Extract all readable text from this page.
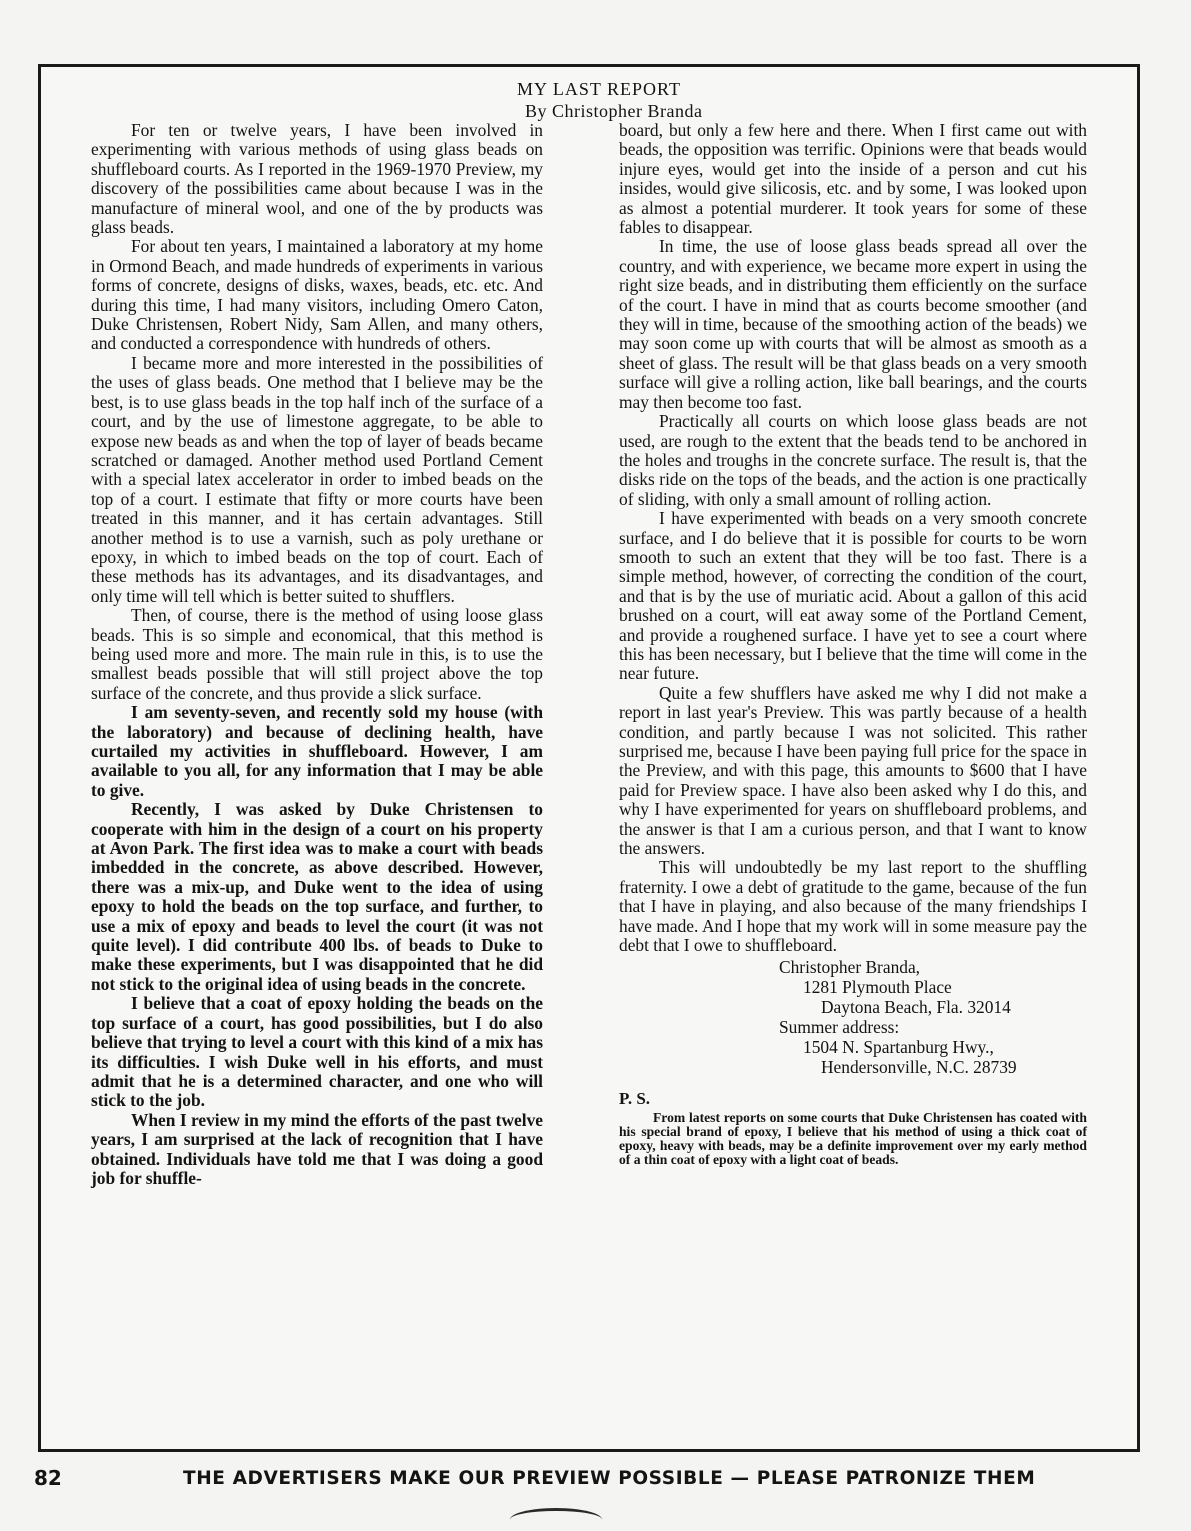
MY LAST REPORT
By Christopher Branda

For ten or twelve years, I have been involved in experimenting with various methods of using glass beads on shuffleboard courts. As I reported in the 1969-1970 Preview, my discovery of the possibilities came about because I was in the manufacture of mineral wool, and one of the by products was glass beads.

For about ten years, I maintained a laboratory at my home in Ormond Beach, and made hundreds of experiments in various forms of concrete, designs of disks, waxes, beads, etc. etc. And during this time, I had many visitors, including Omero Caton, Duke Christensen, Robert Nidy, Sam Allen, and many others, and conducted a correspondence with hundreds of others.

I became more and more interested in the possibilities of the uses of glass beads. One method that I believe may be the best, is to use glass beads in the top half inch of the surface of a court, and by the use of limestone aggregate, to be able to expose new beads as and when the top of layer of beads became scratched or damaged. Another method used Portland Cement with a special latex accelerator in order to imbed beads on the top of a court. I estimate that fifty or more courts have been treated in this manner, and it has certain advantages. Still another method is to use a varnish, such as poly urethane or epoxy, in which to imbed beads on the top of court. Each of these methods has its advantages, and its disadvantages, and only time will tell which is better suited to shufflers.

Then, of course, there is the method of using loose glass beads. This is so simple and economical, that this method is being used more and more. The main rule in this, is to use the smallest beads possible that will still project above the top surface of the concrete, and thus provide a slick surface.

I am seventy-seven, and recently sold my house (with the laboratory) and because of declining health, have curtailed my activities in shuffleboard. However, I am available to you all, for any information that I may be able to give.

Recently, I was asked by Duke Christensen to cooperate with him in the design of a court on his property at Avon Park. The first idea was to make a court with beads imbedded in the concrete, as above described. However, there was a mix-up, and Duke went to the idea of using epoxy to hold the beads on the top surface, and further, to use a mix of epoxy and beads to level the court (it was not quite level). I did contribute 400 lbs. of beads to Duke to make these experiments, but I was disappointed that he did not stick to the original idea of using beads in the concrete.

I believe that a coat of epoxy holding the beads on the top surface of a court, has good possibilities, but I do also believe that trying to level a court with this kind of a mix has its difficulties. I wish Duke well in his efforts, and must admit that he is a determined character, and one who will stick to the job.

When I review in my mind the efforts of the past twelve years, I am surprised at the lack of recognition that I have obtained. Individuals have told me that I was doing a good job for shuffle-

board, but only a few here and there. When I first came out with beads, the opposition was terrific. Opinions were that beads would injure eyes, would get into the inside of a person and cut his insides, would give silicosis, etc. and by some, I was looked upon as almost a potential murderer. It took years for some of these fables to disappear.

In time, the use of loose glass beads spread all over the country, and with experience, we became more expert in using the right size beads, and in distributing them efficiently on the surface of the court. I have in mind that as courts become smoother (and they will in time, because of the smoothing action of the beads) we may soon come up with courts that will be almost as smooth as a sheet of glass. The result will be that glass beads on a very smooth surface will give a rolling action, like ball bearings, and the courts may then become too fast.

Practically all courts on which loose glass beads are not used, are rough to the extent that the beads tend to be anchored in the holes and troughs in the concrete surface. The result is, that the disks ride on the tops of the beads, and the action is one practically of sliding, with only a small amount of rolling action.

I have experimented with beads on a very smooth concrete surface, and I do believe that it is possible for courts to be worn smooth to such an extent that they will be too fast. There is a simple method, however, of correcting the condition of the court, and that is by the use of muriatic acid. About a gallon of this acid brushed on a court, will eat away some of the Portland Cement, and provide a roughened surface. I have yet to see a court where this has been necessary, but I believe that the time will come in the near future.

Quite a few shufflers have asked me why I did not make a report in last year's Preview. This was partly because of a health condition, and partly because I was not solicited. This rather surprised me, because I have been paying full price for the space in the Preview, and with this page, this amounts to $600 that I have paid for Preview space. I have also been asked why I do this, and why I have experimented for years on shuffleboard problems, and the answer is that I am a curious person, and that I want to know the answers.

This will undoubtedly be my last report to the shuffling fraternity. I owe a debt of gratitude to the game, because of the fun that I have in playing, and also because of the many friendships I have made. And I hope that my work will in some measure pay the debt that I owe to shuffleboard.

Christopher Branda,
1281 Plymouth Place
Daytona Beach, Fla. 32014
Summer address:
1504 N. Spartanburg Hwy.,
Hendersonville, N.C. 28739
P. S.
From latest reports on some courts that Duke Christensen has coated with his special brand of epoxy, I believe that his method of using a thick coat of epoxy, heavy with beads, may be a definite improvement over my early method of a thin coat of epoxy with a light coat of beads.
82	THE ADVERTISERS MAKE OUR PREVIEW POSSIBLE — PLEASE PATRONIZE THEM
